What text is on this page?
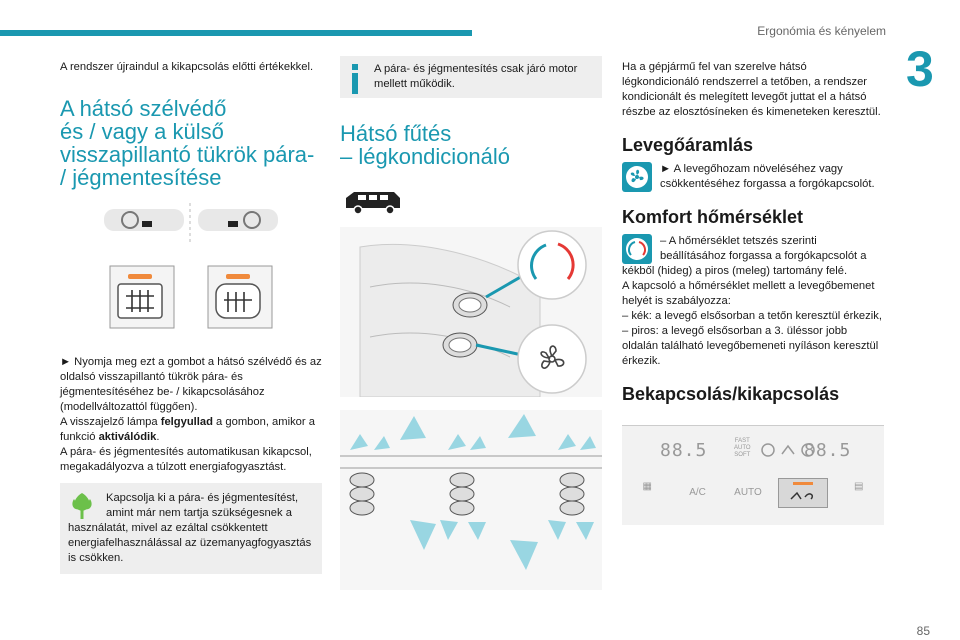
Ergonómia és kényelem
3

A rendszer újraindul a kikapcsolás előtti értékekkel.

A hátsó szélvédő
és / vagy a külső
visszapillantó tükrök pára-
/ jégmentesítése

► Nyomja meg ezt a gombot a hátsó szélvédő és az oldalsó visszapillantó tükrök pára- és jégmentesítéséhez be- / kikapcsolásához (modellváltozattól függően).

A visszajelző lámpa felgyullad a gombon, amikor a funkció aktiválódik.

A pára- és jégmentesítés automatikusan kikapcsol, megakadályozva a túlzott energiafogyasztást.

Kapcsolja ki a pára- és jégmentesítést, amint már nem tartja szükségesnek a használatát, mivel az ezáltal csökkentett energiafelhasználással az üzemanyagfogyasztás is csökken.
A pára- és jégmentesítés csak járó motor mellett működik.
Hátsó fűtés
– légkondicionáló

Ha a gépjármű fel van szerelve hátsó légkondicionáló rendszerrel a tetőben, a rendszer kondicionált és melegített levegőt juttat el a hátsó részbe az elosztósíneken és kimeneteken keresztül.

Levegőáramlás

► A levegőhozam növeléséhez vagy csökkentéséhez forgassa a forgókapcsolót.

Komfort hőmérséklet

– A hőmérséklet tetszés szerinti beállításához forgassa a forgókapcsolót a kékből (hideg) a piros (meleg) tartomány felé.

A kapcsoló a hőmérséklet mellett a levegőbemenet helyét is szabályozza:

– kék: a levegő elsősorban a tetőn keresztül érkezik,

– piros: a levegő elsősorban a 3. üléssor jobb oldalán található levegőbemeneti nyíláson keresztül érkezik.

Bekapcsolás/kikapcsolás
88.5	FAST
AUTO
SOFT	88.5
▦
A/C	AUTO
▤
85
